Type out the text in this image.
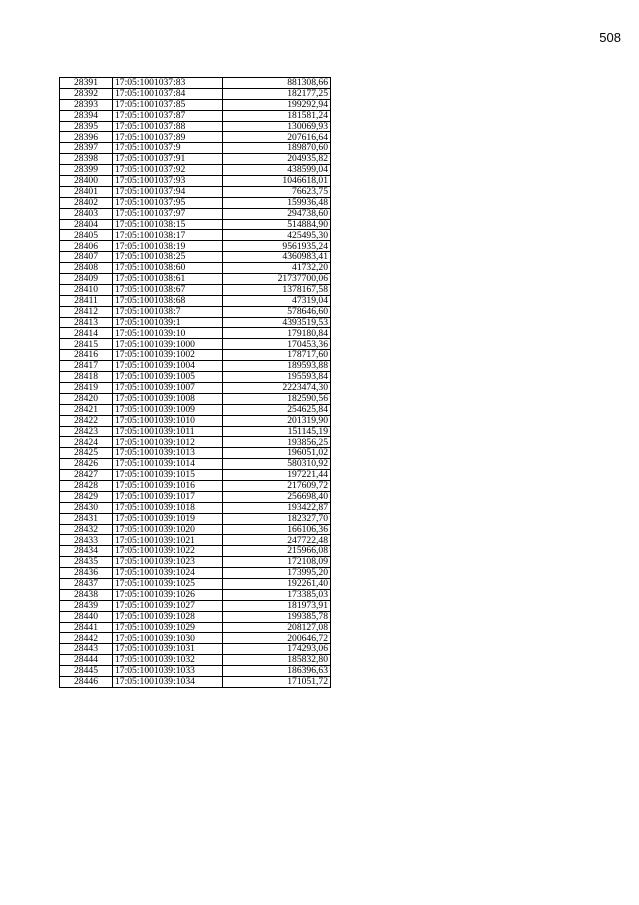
508
28391	17:05:1001037:83	881308,66
28392	17:05:1001037:84	182177,25
28393	17:05:1001037:85	199292,94
28394	17:05:1001037:87	181581,24
28395	17:05:1001037:88	130069,93
28396	17:05:1001037:89	207616,64
28397	17:05:1001037:9	189870,60
28398	17:05:1001037:91	204935,82
28399	17:05:1001037:92	438599,04
28400	17:05:1001037:93	1046618,01
28401	17:05:1001037:94	76623,75
28402	17:05:1001037:95	159936,48
28403	17:05:1001037:97	294738,60
28404	17:05:1001038:15	514884,90
28405	17:05:1001038:17	425495,30
28406	17:05:1001038:19	9561935,24
28407	17:05:1001038:25	4360983,41
28408	17:05:1001038:60	41732,20
28409	17:05:1001038:61	21737700,06
28410	17:05:1001038:67	1378167,58
28411	17:05:1001038:68	47319,04
28412	17:05:1001038:7	578646,60
28413	17:05:1001039:1	4393519,53
28414	17:05:1001039:10	179180,84
28415	17:05:1001039:1000	170453,36
28416	17:05:1001039:1002	178717,60
28417	17:05:1001039:1004	189593,88
28418	17:05:1001039:1005	195593,84
28419	17:05:1001039:1007	2223474,30
28420	17:05:1001039:1008	182590,56
28421	17:05:1001039:1009	254625,84
28422	17:05:1001039:1010	201319,90
28423	17:05:1001039:1011	151145,19
28424	17:05:1001039:1012	193856,25
28425	17:05:1001039:1013	196051,02
28426	17:05:1001039:1014	580310,92
28427	17:05:1001039:1015	197221,44
28428	17:05:1001039:1016	217609,72
28429	17:05:1001039:1017	256698,40
28430	17:05:1001039:1018	193422,87
28431	17:05:1001039:1019	182327,70
28432	17:05:1001039:1020	166106,36
28433	17:05:1001039:1021	247722,48
28434	17:05:1001039:1022	215966,08
28435	17:05:1001039:1023	172108,09
28436	17:05:1001039:1024	173995,20
28437	17:05:1001039:1025	192261,40
28438	17:05:1001039:1026	173385,03
28439	17:05:1001039:1027	181973,91
28440	17:05:1001039:1028	199385,78
28441	17:05:1001039:1029	208127,08
28442	17:05:1001039:1030	200646,72
28443	17:05:1001039:1031	174293,06
28444	17:05:1001039:1032	185832,80
28445	17:05:1001039:1033	186396,63
28446	17:05:1001039:1034	171051,72
